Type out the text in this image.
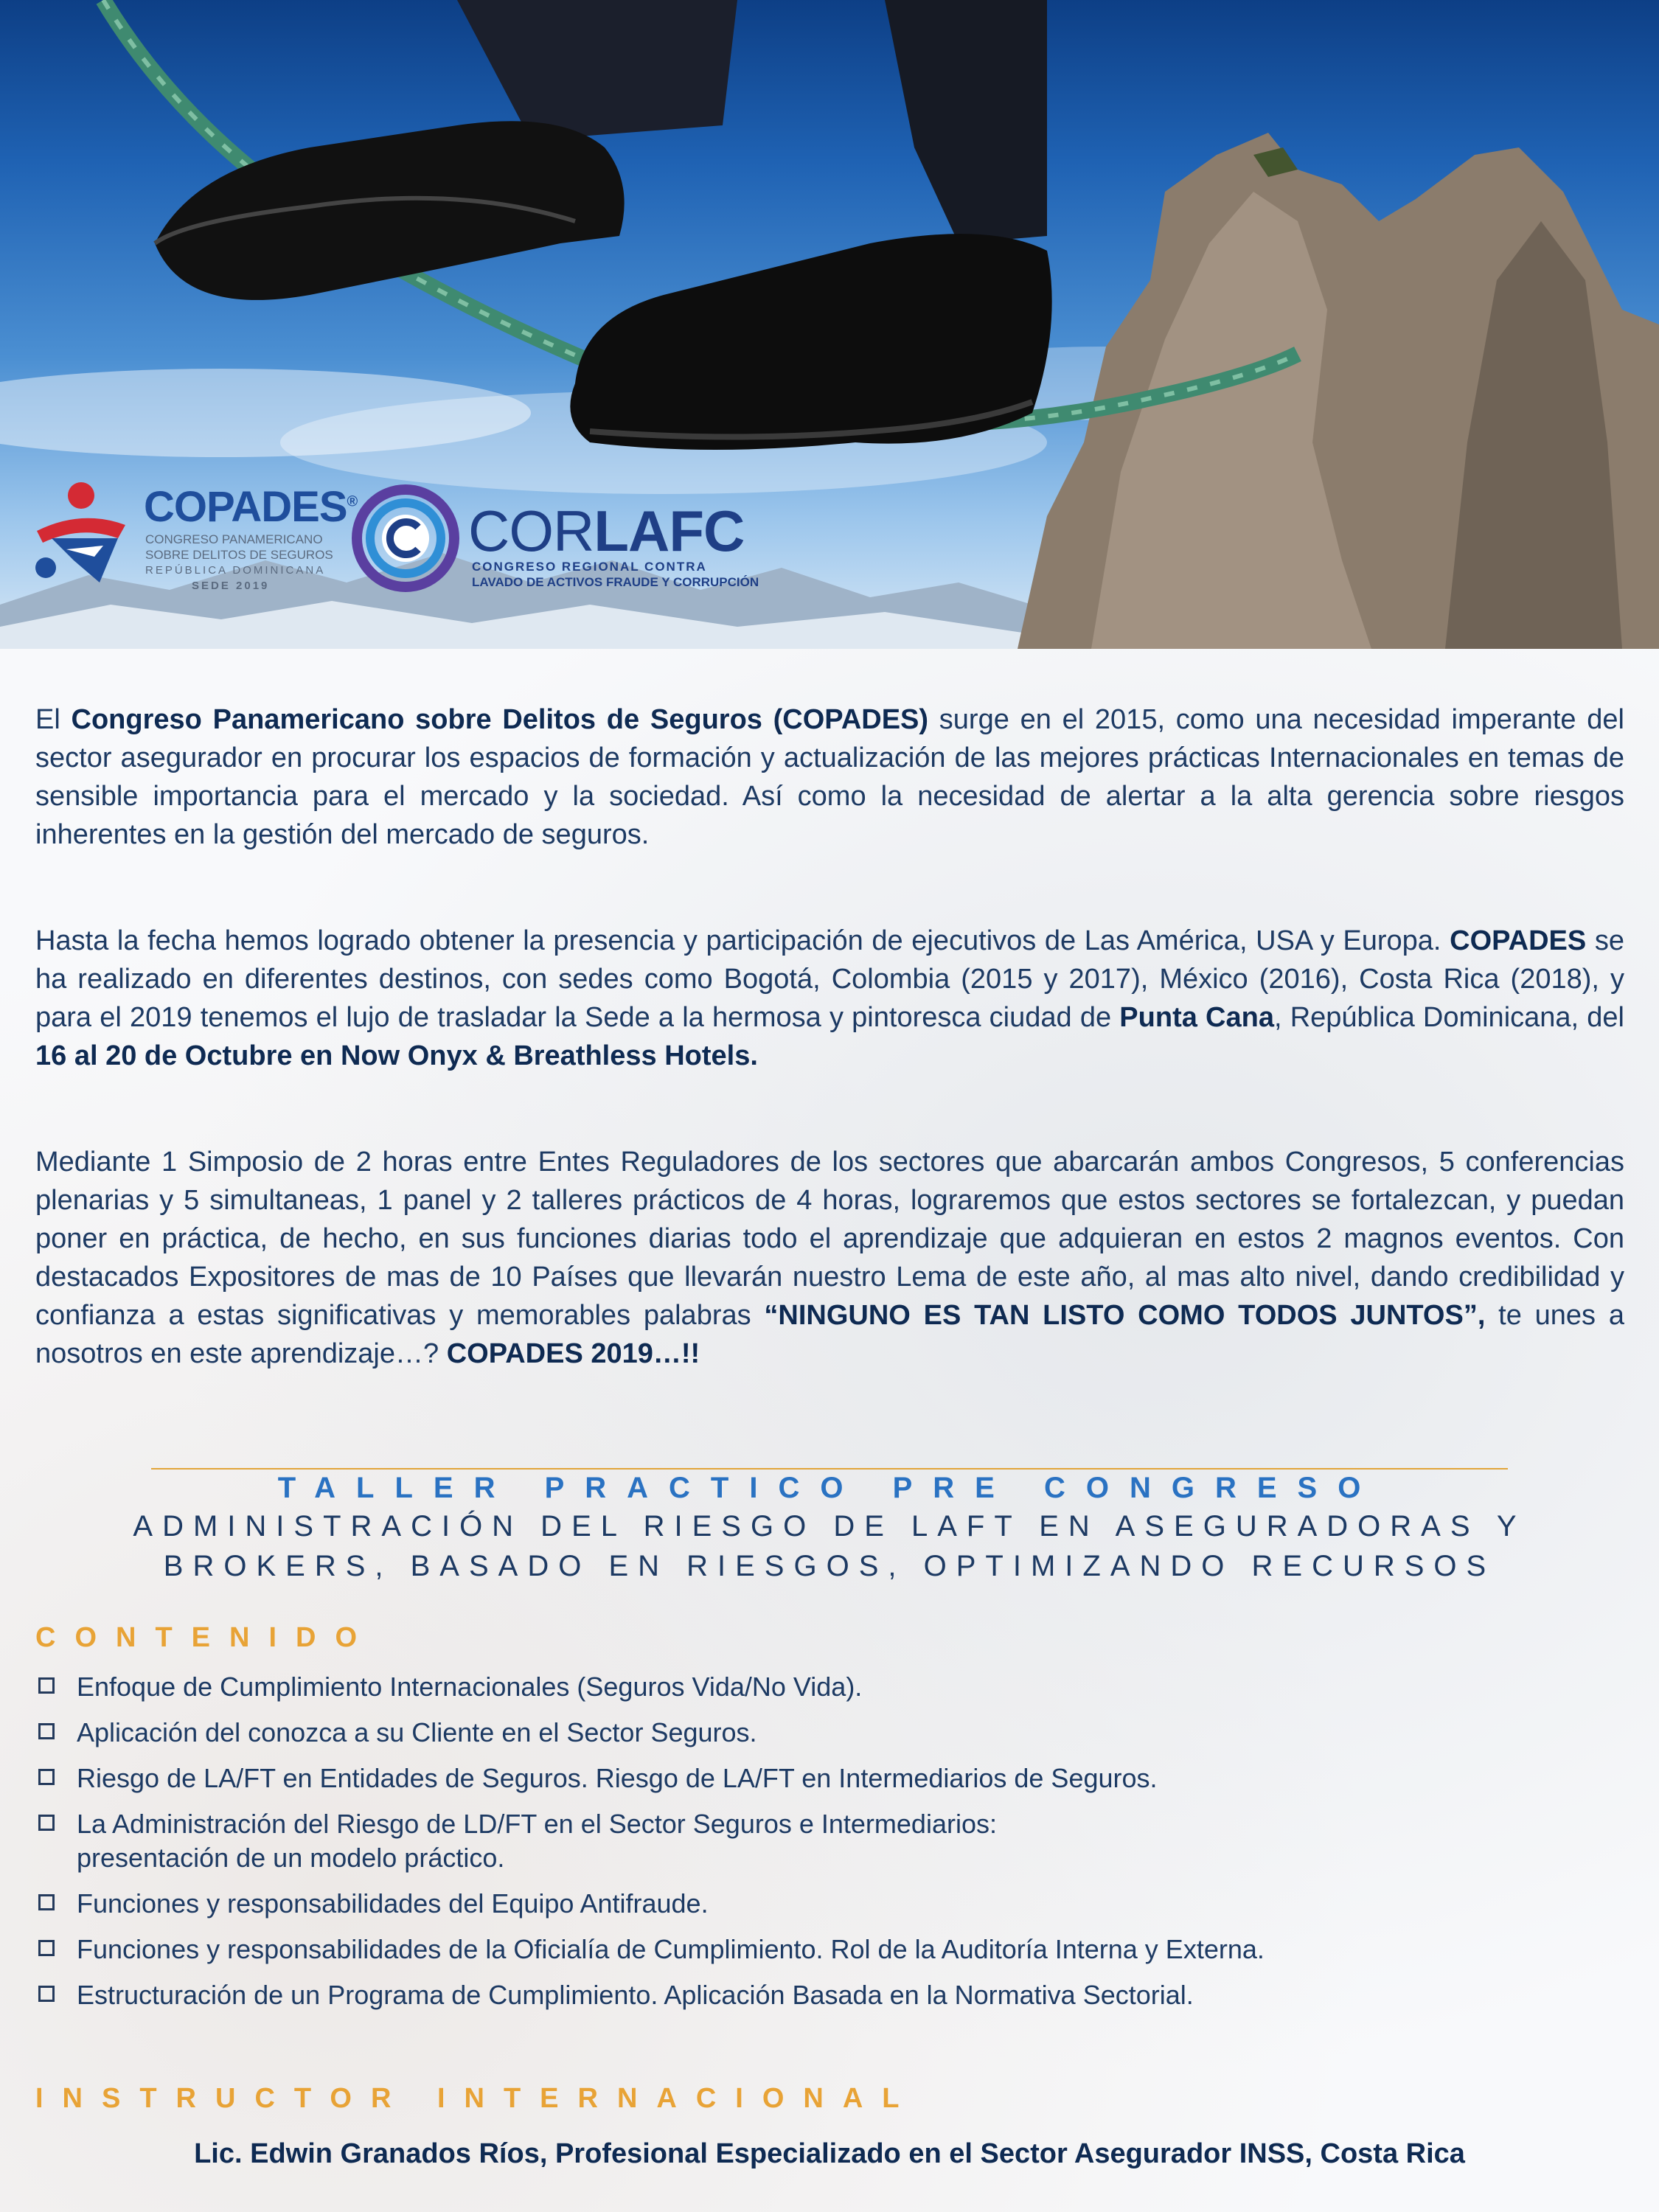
COPADES®
CONGRESO PANAMERICANO
SOBRE DELITOS DE SEGUROS
REPÚBLICA DOMINICANA
SEDE 2019
CORLAFC
CONGRESO REGIONAL CONTRA
LAVADO DE ACTIVOS FRAUDE Y CORRUPCIÓN

El Congreso Panamericano sobre Delitos de Seguros (COPADES) surge en el 2015, como una necesidad imperante del sector asegurador en procurar los espacios de formación y actualización de las mejores prácticas Internacionales en temas de sensible importancia para el mercado y la sociedad. Así como la necesidad de alertar a la alta gerencia sobre riesgos inherentes en la gestión del mercado de seguros.

Hasta la fecha hemos logrado obtener la presencia y participación de ejecutivos de Las América, USA y Europa. COPADES se ha realizado en diferentes destinos, con sedes como Bogotá, Colombia (2015 y 2017), México (2016), Costa Rica (2018), y para el 2019 tenemos el lujo de trasladar la Sede a la hermosa y pintoresca ciudad de Punta Cana, República Dominicana, del 16 al 20 de Octubre en Now Onyx & Breathless Hotels.

Mediante 1 Simposio de 2 horas entre Entes Reguladores de los sectores que abarcarán ambos Congresos, 5 conferencias plenarias y 5 simultaneas, 1 panel y 2 talleres prácticos de 4 horas, lograremos que estos sectores se fortalezcan, y puedan poner en práctica, de hecho, en sus funciones diarias todo el aprendizaje que adquieran en estos 2 magnos eventos. Con destacados Expositores de mas de 10 Países que llevarán nuestro Lema de este año, al mas alto nivel, dando credibilidad y confianza a estas significativas y memorables palabras “NINGUNO ES TAN LISTO COMO TODOS JUNTOS”, te unes a nosotros en este aprendizaje…? COPADES 2019…!!

TALLER PRACTICO PRE CONGRESO
ADMINISTRACIÓN DEL RIESGO DE LAFT EN ASEGURADORAS Y
BROKERS, BASADO EN RIESGOS, OPTIMIZANDO RECURSOS
CONTENIDO
Enfoque de Cumplimiento Internacionales (Seguros Vida/No Vida).
Aplicación del conozca a su Cliente en el Sector Seguros.
Riesgo de LA/FT en Entidades de Seguros. Riesgo de LA/FT en Intermediarios de Seguros.
La Administración del Riesgo de LD/FT en el Sector Seguros e Intermediarios:
presentación de un modelo práctico.
Funciones y responsabilidades del Equipo Antifraude.
Funciones y responsabilidades de la Oficialía de Cumplimiento. Rol de la Auditoría Interna y Externa.
Estructuración de un Programa de Cumplimiento. Aplicación Basada en la Normativa Sectorial.
INSTRUCTOR INTERNACIONAL
Lic. Edwin Granados Ríos, Profesional Especializado en el Sector Asegurador INSS, Costa Rica
